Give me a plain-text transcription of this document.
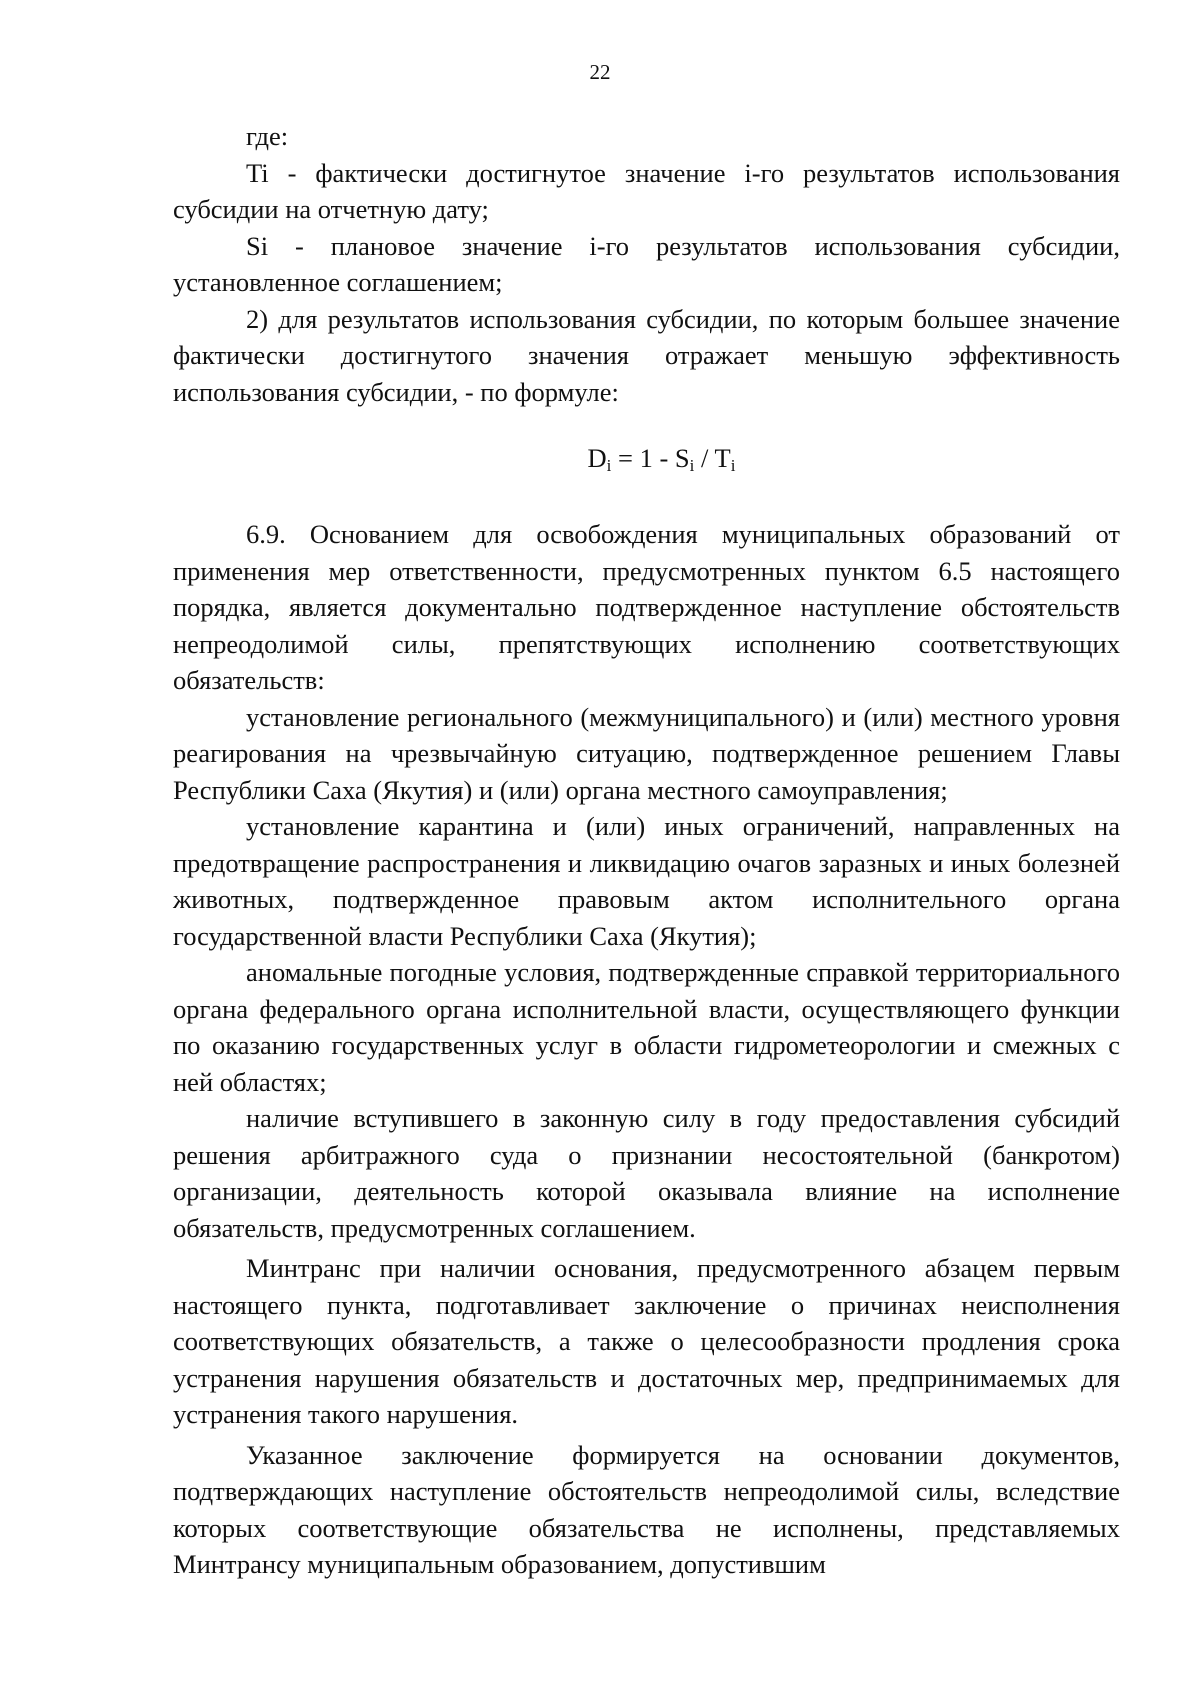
22

где:

Ti - фактически достигнутое значение i-го результатов использования субсидии на отчетную дату;

Si - плановое значение i-го результатов использования субсидии, установленное соглашением;

2) для результатов использования субсидии, по которым большее значение фактически достигнутого значения отражает меньшую эффективность использования субсидии, - по формуле:

$D_i = 1 - S_i / T_i$

6.9. Основанием для освобождения муниципальных образований от применения мер ответственности, предусмотренных пунктом 6.5 настоящего порядка, является документально подтвержденное наступление обстоятельств непреодолимой силы, препятствующих исполнению соответствующих обязательств:

установление регионального (межмуниципального) и (или) местного уровня реагирования на чрезвычайную ситуацию, подтвержденное решением Главы Республики Саха (Якутия) и (или) органа местного самоуправления;

установление карантина и (или) иных ограничений, направленных на предотвращение распространения и ликвидацию очагов заразных и иных болезней животных, подтвержденное правовым актом исполнительного органа государственной власти Республики Саха (Якутия);

аномальные погодные условия, подтвержденные справкой территориального органа федерального органа исполнительной власти, осуществляющего функции по оказанию государственных услуг в области гидрометеорологии и смежных с ней областях;

наличие вступившего в законную силу в году предоставления субсидий решения арбитражного суда о признании несостоятельной (банкротом) организации, деятельность которой оказывала влияние на исполнение обязательств, предусмотренных соглашением.

Минтранс при наличии основания, предусмотренного абзацем первым настоящего пункта, подготавливает заключение о причинах неисполнения соответствующих обязательств, а также о целесообразности продления срока устранения нарушения обязательств и достаточных мер, предпринимаемых для устранения такого нарушения.

Указанное заключение формируется на основании документов, подтверждающих наступление обстоятельств непреодолимой силы, вследствие которых соответствующие обязательства не исполнены, представляемых Минтрансу муниципальным образованием, допустившим
